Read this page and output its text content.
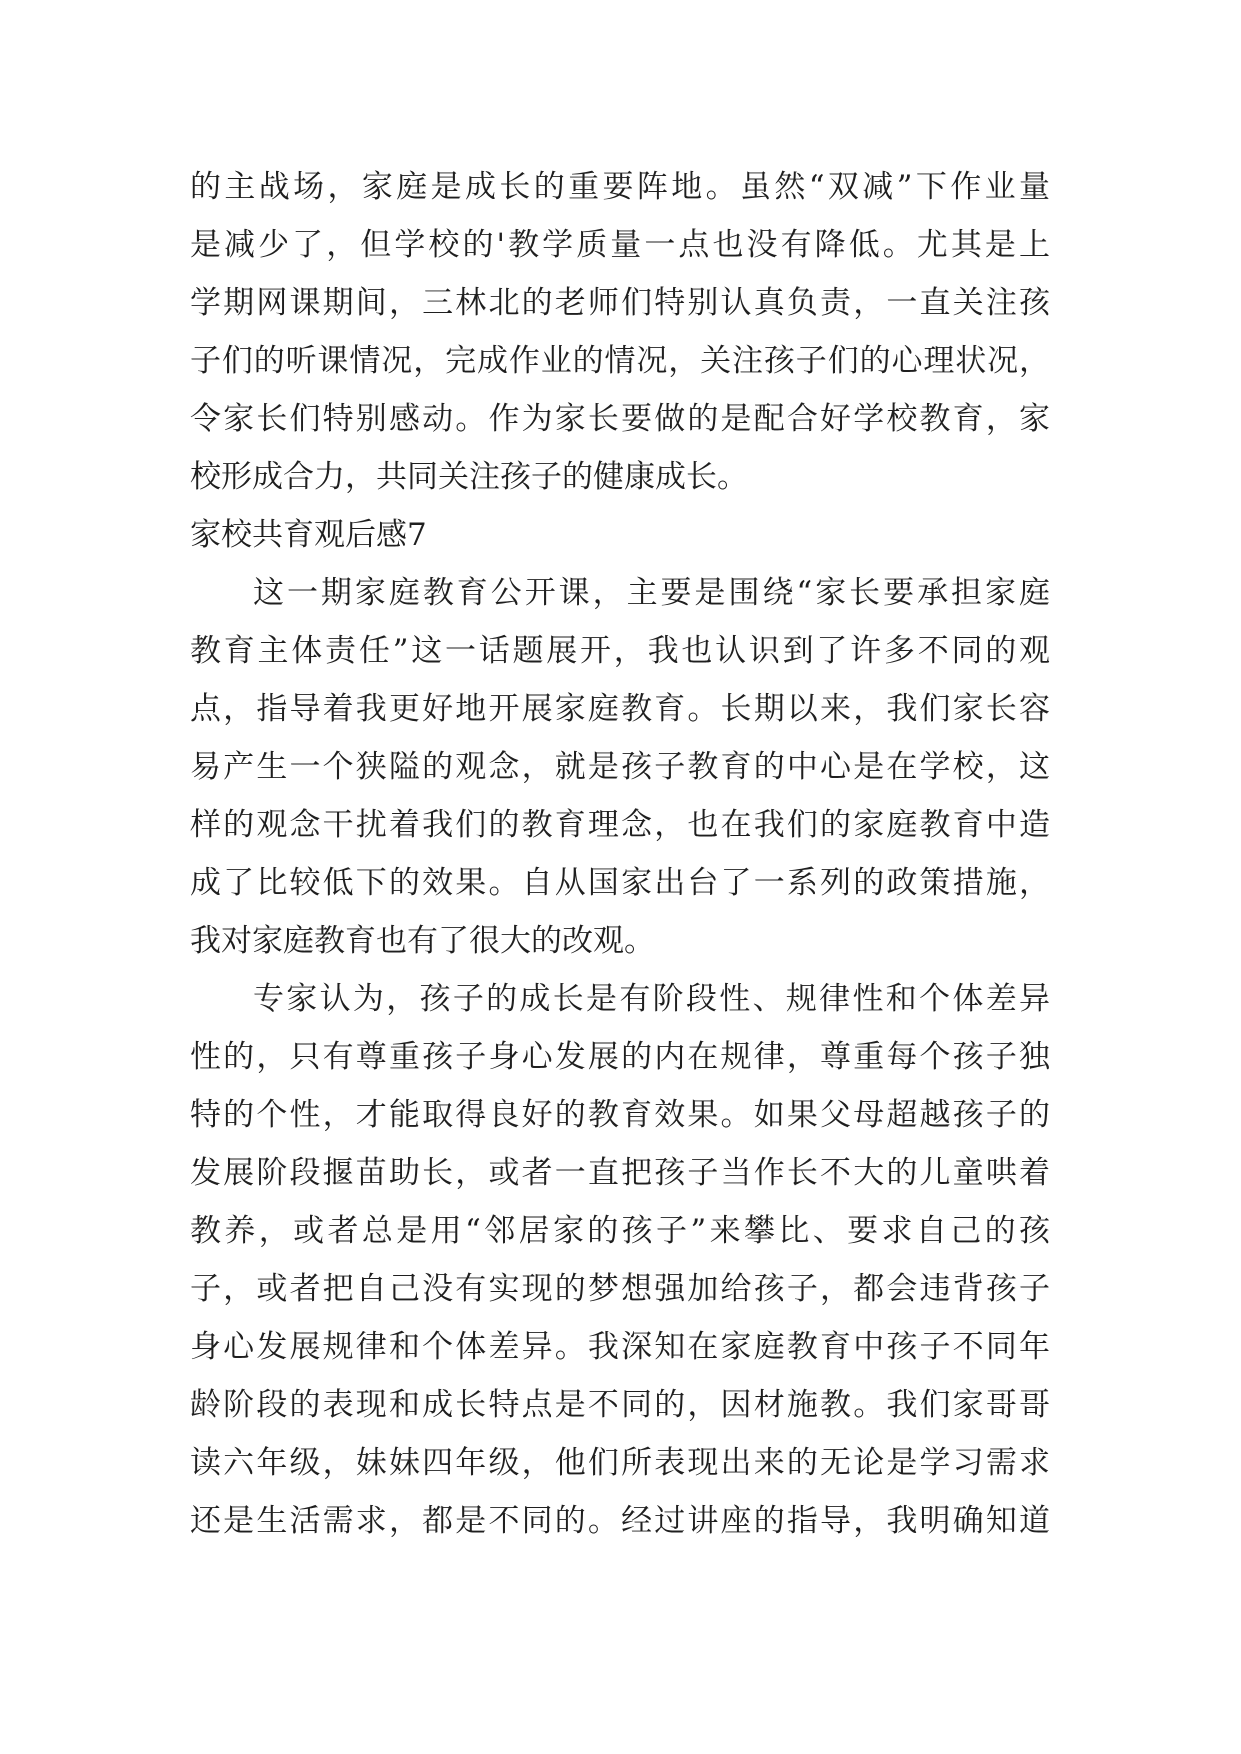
的主战场，家庭是成长的重要阵地。虽然“双减”下作业量
是减少了，但学校的'教学质量一点也没有降低。尤其是上
学期网课期间，三林北的老师们特别认真负责，一直关注孩
子们的听课情况，完成作业的情况，关注孩子们的心理状况，
令家长们特别感动。作为家长要做的是配合好学校教育，家
校形成合力，共同关注孩子的健康成长。
家校共育观后感7
这一期家庭教育公开课，主要是围绕“家长要承担家庭
教育主体责任”这一话题展开，我也认识到了许多不同的观
点，指导着我更好地开展家庭教育。长期以来，我们家长容
易产生一个狭隘的观念，就是孩子教育的中心是在学校，这
样的观念干扰着我们的教育理念，也在我们的家庭教育中造
成了比较低下的效果。自从国家出台了一系列的政策措施，
我对家庭教育也有了很大的改观。
专家认为，孩子的成长是有阶段性、规律性和个体差异
性的，只有尊重孩子身心发展的内在规律，尊重每个孩子独
特的个性，才能取得良好的教育效果。如果父母超越孩子的
发展阶段揠苗助长，或者一直把孩子当作长不大的儿童哄着
教养，或者总是用“邻居家的孩子”来攀比、要求自己的孩
子，或者把自己没有实现的梦想强加给孩子，都会违背孩子
身心发展规律和个体差异。我深知在家庭教育中孩子不同年
龄阶段的表现和成长特点是不同的，因材施教。我们家哥哥
读六年级，妹妹四年级，他们所表现出来的无论是学习需求
还是生活需求，都是不同的。经过讲座的指导，我明确知道
